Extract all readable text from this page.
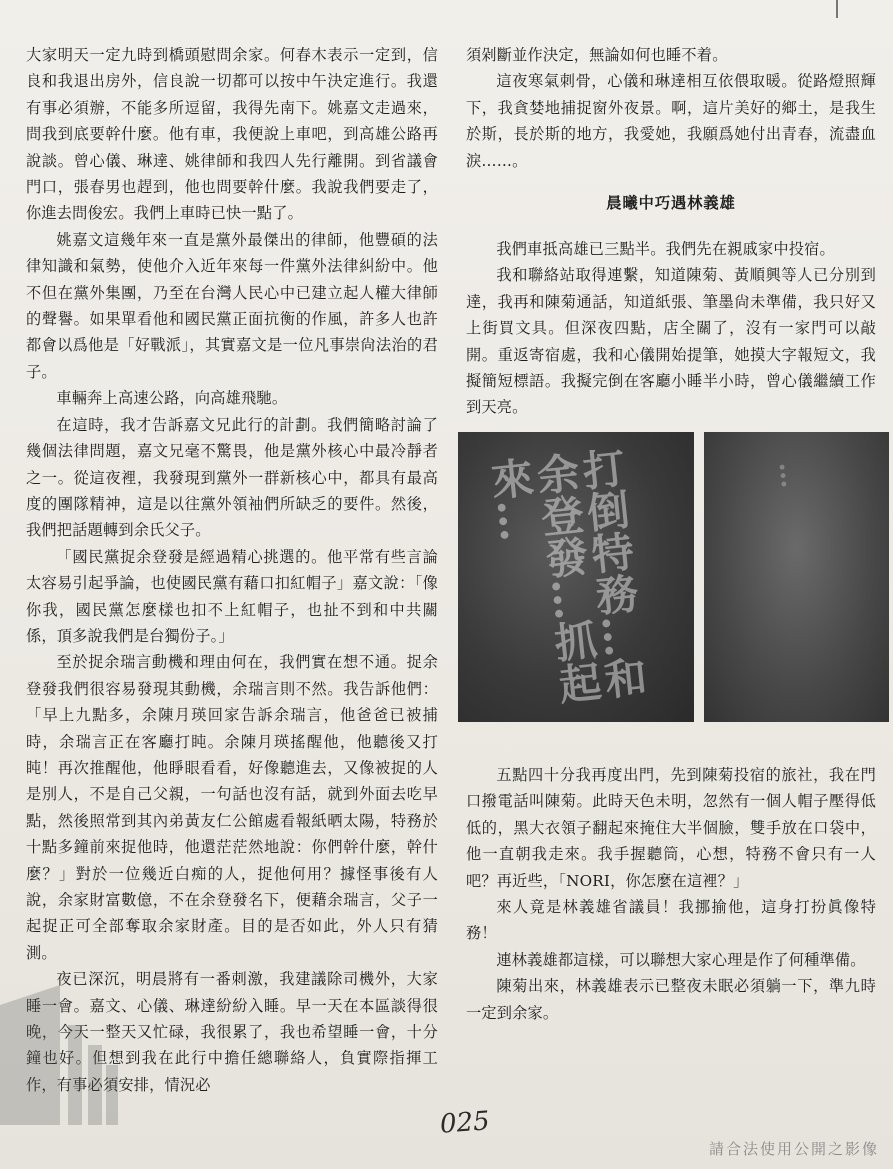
大家明天一定九時到橋頭慰問余家。何春木表示一定到，信良和我退出房外，信良說一切都可以按中午決定進行。我還有事必須辦，不能多所逗留，我得先南下。姚嘉文走過來，問我到底要幹什麼。他有車，我便說上車吧，到高雄公路再說談。曾心儀、琳達、姚律師和我四人先行離開。到省議會門口，張春男也趕到，他也問要幹什麼。我說我們要走了，你進去問俊宏。我們上車時已快一點了。

姚嘉文這幾年來一直是黨外最傑出的律師，他豐碩的法律知識和氣勢，使他介入近年來每一件黨外法律糾紛中。他不但在黨外集團，乃至在台灣人民心中已建立起人權大律師的聲譽。如果單看他和國民黨正面抗衡的作風，許多人也許都會以爲他是「好戰派」，其實嘉文是一位凡事崇尙法治的君子。

車輛奔上高速公路，向高雄飛馳。

在這時，我才告訴嘉文兄此行的計劃。我們簡略討論了幾個法律問題，嘉文兄毫不驚畏，他是黨外核心中最冷靜者之一。從這夜裡，我發現到黨外一群新核心中，都具有最高度的團隊精神，這是以往黨外領袖們所缺乏的要件。然後，我們把話題轉到余氏父子。

「國民黨捉余登發是經過精心挑選的。他平常有些言論太容易引起爭論，也使國民黨有藉口扣紅帽子」嘉文說：「像你我，國民黨怎麼樣也扣不上紅帽子，也扯不到和中共關係，頂多說我們是台獨份子。」

至於捉余瑞言動機和理由何在，我們實在想不通。捉余登發我們很容易發現其動機，余瑞言則不然。我告訴他們：「早上九點多，余陳月瑛回家告訴余瑞言，他爸爸已被捕時，余瑞言正在客廳打盹。余陳月瑛搖醒他，他聽後又打盹！再次推醒他，他睜眼看看，好像聽進去，又像被捉的人是別人，不是自己父親，一句話也沒有話，就到外面去吃早點，然後照常到其內弟黃友仁公館處看報紙晒太陽，特務於十點多鐘前來捉他時，他還茫茫然地說：你們幹什麼，幹什麼？」對於一位幾近白痴的人，捉他何用？據怪事後有人說，余家財富數億，不在余登發名下，便藉余瑞言，父子一起捉正可全部奪取余家財產。目的是否如此，外人只有猜測。

夜已深沉，明晨將有一番刺激，我建議除司機外，大家睡一會。嘉文、心儀、琳達紛紛入睡。早一天在本區談得很晚，今天一整天又忙碌，我很累了，我也希望睡一會，十分鐘也好。但想到我在此行中擔任總聯絡人，負實際指揮工作，有事必須安排，情況必

須剁斷並作決定，無論如何也睡不着。

這夜寒氣刺骨，心儀和琳達相互依偎取暖。從路燈照輝下，我貪婪地捕捉窗外夜景。啊，這片美好的鄉土，是我生於斯，長於斯的地方，我愛她，我願爲她付出青春，流盡血淚……。

晨曦中巧遇林義雄

我們車抵高雄已三點半。我們先在親戚家中投宿。

我和聯絡站取得連繫，知道陳菊、黃順興等人已分別到達，我再和陳菊通話，知道紙張、筆墨尙未準備，我只好又上街買文具。但深夜四點，店全關了，沒有一家門可以敲開。重返寄宿處，我和心儀開始提筆，她摸大字報短文，我擬簡短標語。我擬完倒在客廳小睡半小時，曾心儀繼續工作到天亮。

打倒特務…和余登發…抓起來…	…

五點四十分我再度出門，先到陳菊投宿的旅社，我在門口撥電話叫陳菊。此時天色未明，忽然有一個人帽子壓得低低的，黑大衣領子翻起來掩住大半個臉，雙手放在口袋中，他一直朝我走來。我手握聽筒，心想，特務不會只有一人吧？再近些，「NORI，你怎麼在這裡？」

來人竟是林義雄省議員！我挪揄他，這身打扮眞像特務！

連林義雄都這樣，可以聯想大家心理是作了何種準備。

陳菊出來，林義雄表示已整夜未眠必須躺一下，準九時一定到余家。

025
請合法使用公開之影像
